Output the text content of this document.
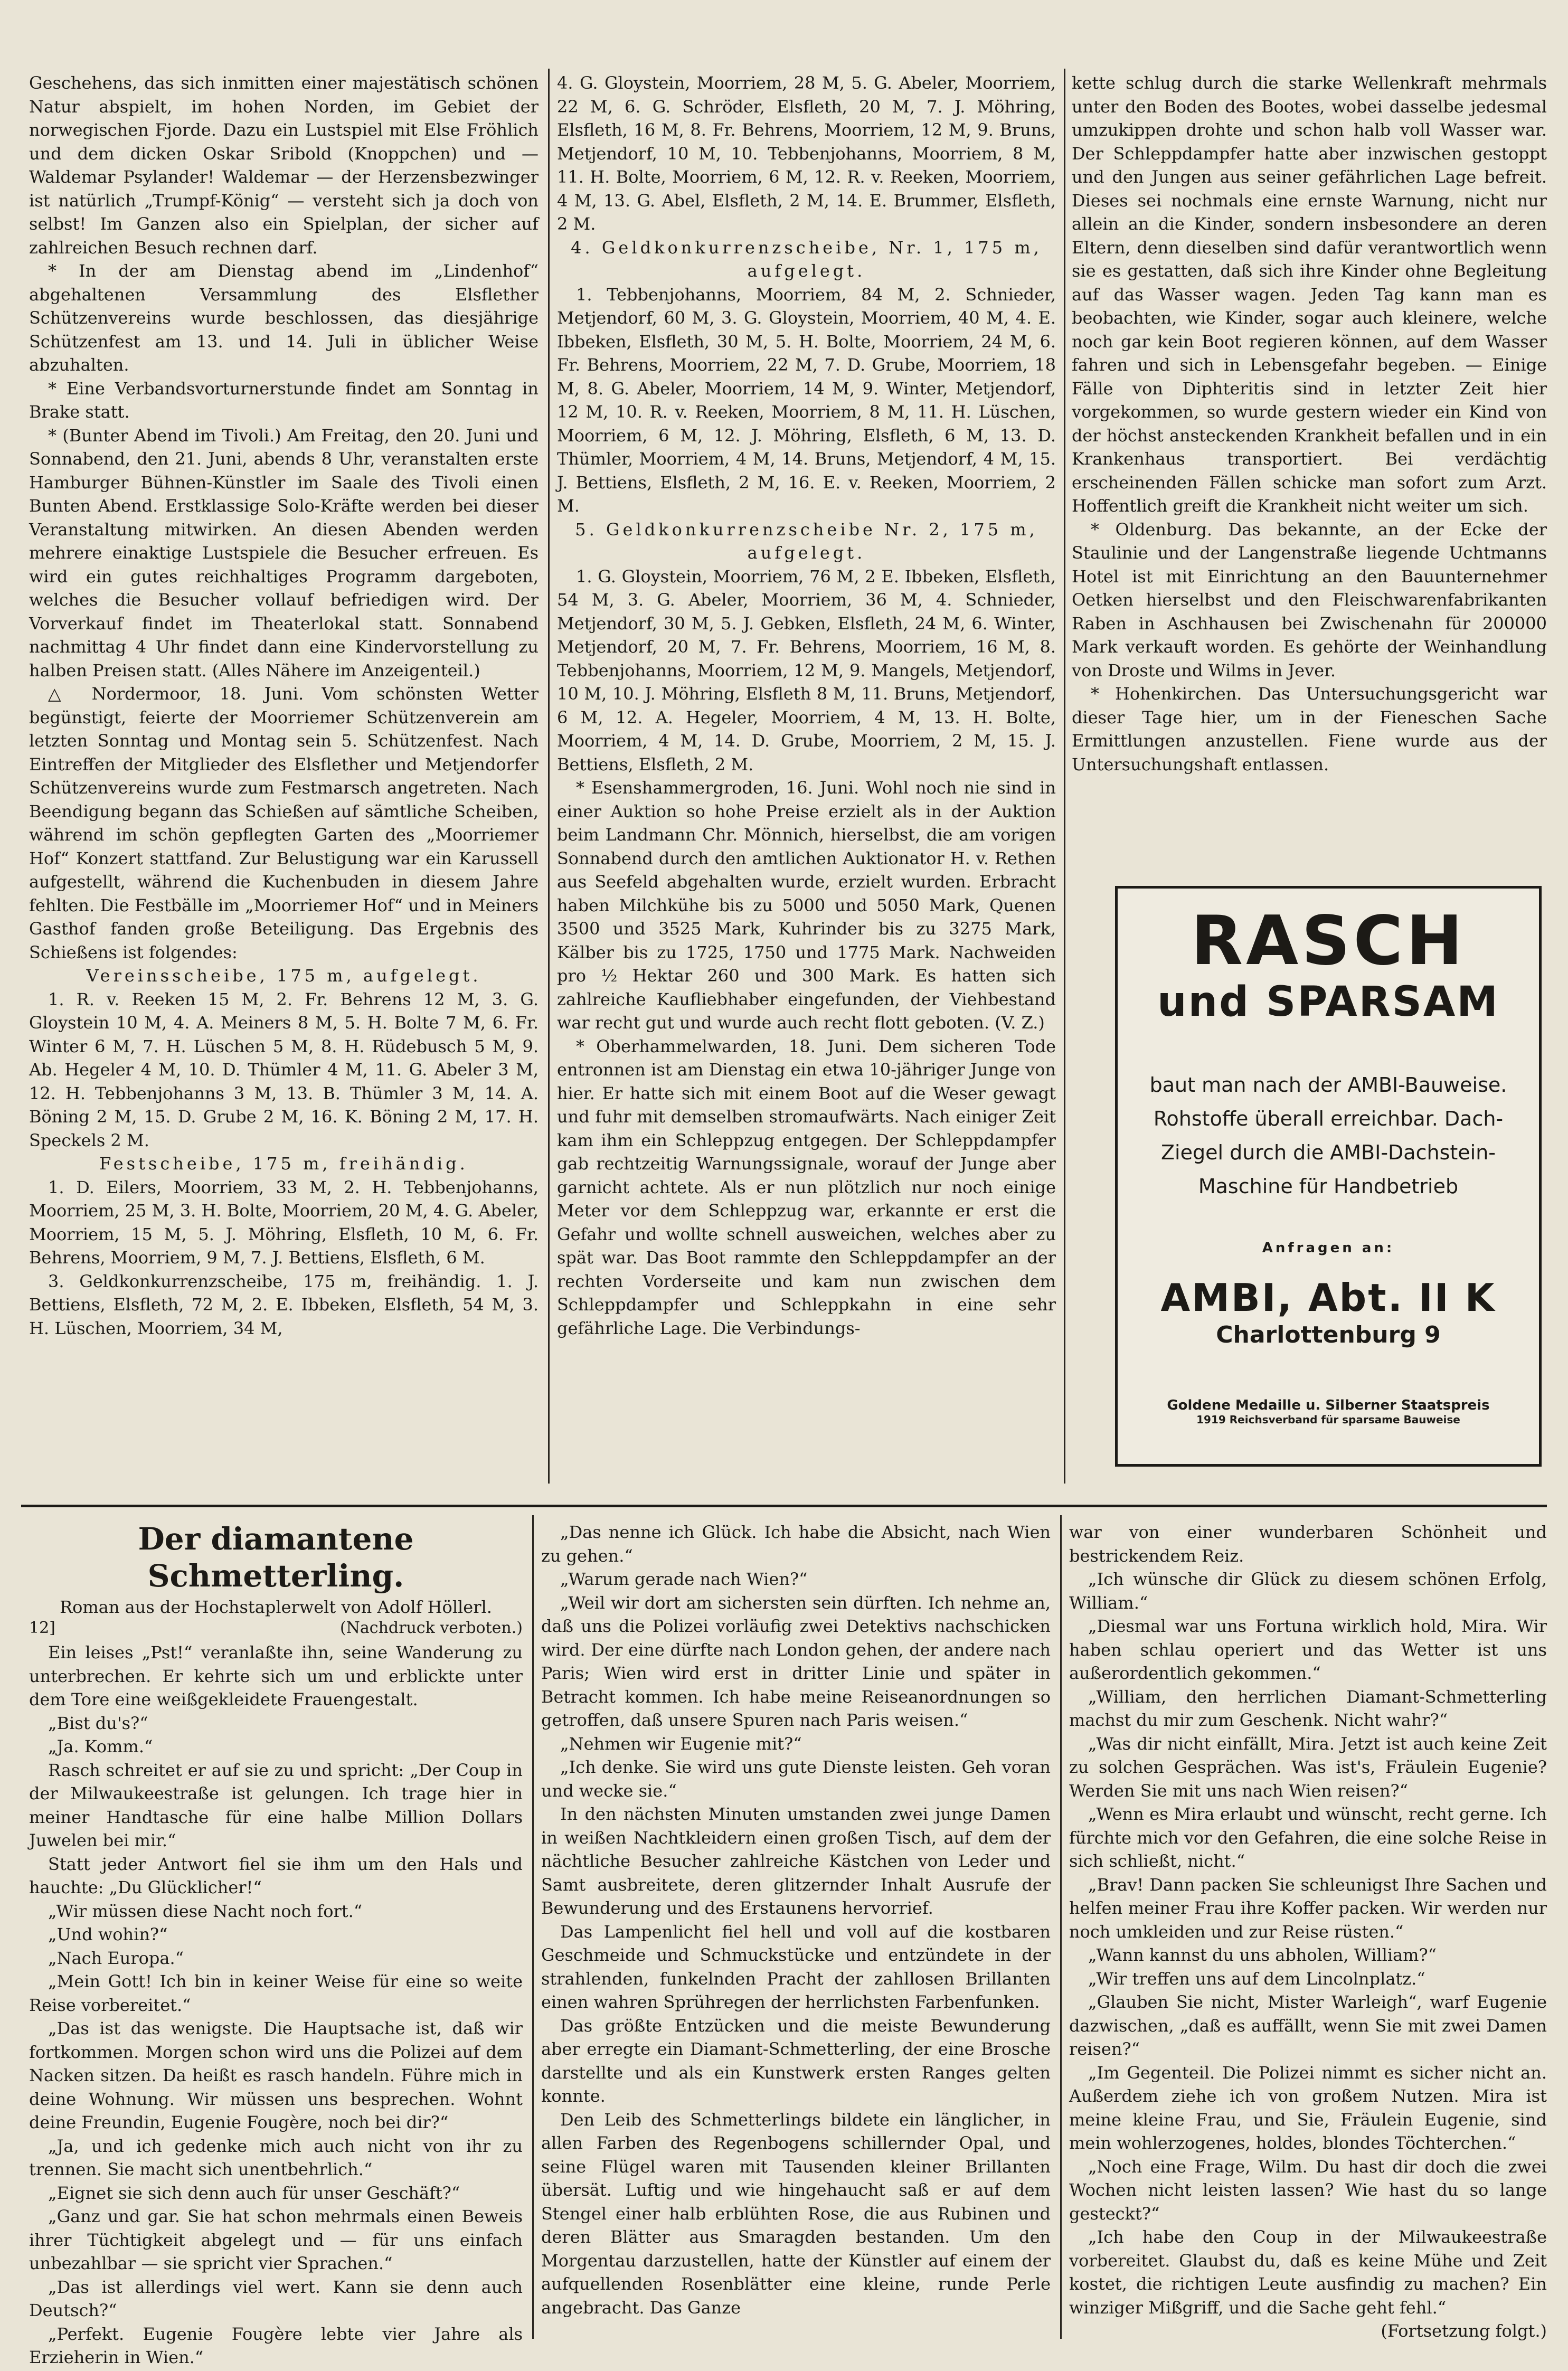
Geschehens, das sich inmitten einer majestätisch schönen Natur abspielt, im hohen Norden, im Gebiet der norwegischen Fjorde. Dazu ein Lustspiel mit Else Fröhlich und dem dicken Oskar Sribold (Knoppchen) und — Waldemar Psylander! Waldemar — der Herzensbezwinger ist natürlich „Trumpf-König“ — versteht sich ja doch von selbst! Im Ganzen also ein Spielplan, der sicher auf zahlreichen Besuch rechnen darf.

* In der am Dienstag abend im „Lindenhof“ abgehaltenen Versammlung des Elsflether Schützenvereins wurde beschlossen, das diesjährige Schützenfest am 13. und 14. Juli in üblicher Weise abzuhalten.

* Eine Verbandsvorturnerstunde findet am Sonntag in Brake statt.

* (Bunter Abend im Tivoli.) Am Freitag, den 20. Juni und Sonnabend, den 21. Juni, abends 8 Uhr, veranstalten erste Hamburger Bühnen-Künstler im Saale des Tivoli einen Bunten Abend. Erstklassige Solo-Kräfte werden bei dieser Veranstaltung mitwirken. An diesen Abenden werden mehrere einaktige Lustspiele die Besucher erfreuen. Es wird ein gutes reichhaltiges Programm dargeboten, welches die Besucher vollauf befriedigen wird. Der Vorverkauf findet im Theaterlokal statt. Sonnabend nachmittag 4 Uhr findet dann eine Kindervorstellung zu halben Preisen statt. (Alles Nähere im Anzeigenteil.)

△ Nordermoor, 18. Juni. Vom schönsten Wetter begünstigt, feierte der Moorriemer Schützenverein am letzten Sonntag und Montag sein 5. Schützenfest. Nach Eintreffen der Mitglieder des Elsflether und Metjendorfer Schützenvereins wurde zum Festmarsch angetreten. Nach Beendigung begann das Schießen auf sämtliche Scheiben, während im schön gepflegten Garten des „Moorriemer Hof“ Konzert stattfand. Zur Belustigung war ein Karussell aufgestellt, während die Kuchenbuden in diesem Jahre fehlten. Die Festbälle im „Moorriemer Hof“ und in Meiners Gasthof fanden große Beteiligung. Das Ergebnis des Schießens ist folgendes:

Vereinsscheibe, 175 m, aufgelegt.

1. R. v. Reeken 15 M, 2. Fr. Behrens 12 M, 3. G. Gloystein 10 M, 4. A. Meiners 8 M, 5. H. Bolte 7 M, 6. Fr. Winter 6 M, 7. H. Lüschen 5 M, 8. H. Rüdebusch 5 M, 9. Ab. Hegeler 4 M, 10. D. Thümler 4 M, 11. G. Abeler 3 M, 12. H. Tebbenjohanns 3 M, 13. B. Thümler 3 M, 14. A. Böning 2 M, 15. D. Grube 2 M, 16. K. Böning 2 M, 17. H. Speckels 2 M.

Festscheibe, 175 m, freihändig.

1. D. Eilers, Moorriem, 33 M, 2. H. Tebbenjohanns, Moorriem, 25 M, 3. H. Bolte, Moorriem, 20 M, 4. G. Abeler, Moorriem, 15 M, 5. J. Möhring, Elsfleth, 10 M, 6. Fr. Behrens, Moorriem, 9 M, 7. J. Bettiens, Elsfleth, 6 M.

3. Geldkonkurrenzscheibe, 175 m, freihändig. 1. J. Bettiens, Elsfleth, 72 M, 2. E. Ibbeken, Elsfleth, 54 M, 3. H. Lüschen, Moorriem, 34 M,

4. G. Gloystein, Moorriem, 28 M, 5. G. Abeler, Moorriem, 22 M, 6. G. Schröder, Elsfleth, 20 M, 7. J. Möhring, Elsfleth, 16 M, 8. Fr. Behrens, Moorriem, 12 M, 9. Bruns, Metjendorf, 10 M, 10. Tebbenjohanns, Moorriem, 8 M, 11. H. Bolte, Moorriem, 6 M, 12. R. v. Reeken, Moorriem, 4 M, 13. G. Abel, Elsfleth, 2 M, 14. E. Brummer, Elsfleth, 2 M.

4. Geldkonkurrenzscheibe, Nr. 1, 175 m, aufgelegt.

1. Tebbenjohanns, Moorriem, 84 M, 2. Schnieder, Metjendorf, 60 M, 3. G. Gloystein, Moorriem, 40 M, 4. E. Ibbeken, Elsfleth, 30 M, 5. H. Bolte, Moorriem, 24 M, 6. Fr. Behrens, Moorriem, 22 M, 7. D. Grube, Moorriem, 18 M, 8. G. Abeler, Moorriem, 14 M, 9. Winter, Metjendorf, 12 M, 10. R. v. Reeken, Moorriem, 8 M, 11. H. Lüschen, Moorriem, 6 M, 12. J. Möhring, Elsfleth, 6 M, 13. D. Thümler, Moorriem, 4 M, 14. Bruns, Metjendorf, 4 M, 15. J. Bettiens, Elsfleth, 2 M, 16. E. v. Reeken, Moorriem, 2 M.

5. Geldkonkurrenzscheibe Nr. 2, 175 m, aufgelegt.

1. G. Gloystein, Moorriem, 76 M, 2 E. Ibbeken, Elsfleth, 54 M, 3. G. Abeler, Moorriem, 36 M, 4. Schnieder, Metjendorf, 30 M, 5. J. Gebken, Elsfleth, 24 M, 6. Winter, Metjendorf, 20 M, 7. Fr. Behrens, Moorriem, 16 M, 8. Tebbenjohanns, Moorriem, 12 M, 9. Mangels, Metjendorf, 10 M, 10. J. Möhring, Elsfleth 8 M, 11. Bruns, Metjendorf, 6 M, 12. A. Hegeler, Moorriem, 4 M, 13. H. Bolte, Moorriem, 4 M, 14. D. Grube, Moorriem, 2 M, 15. J. Bettiens, Elsfleth, 2 M.

* Esenshammergroden, 16. Juni. Wohl noch nie sind in einer Auktion so hohe Preise erzielt als in der Auktion beim Landmann Chr. Mönnich, hierselbst, die am vorigen Sonnabend durch den amtlichen Auktionator H. v. Rethen aus Seefeld abgehalten wurde, erzielt wurden. Erbracht haben Milchkühe bis zu 5000 und 5050 Mark, Quenen 3500 und 3525 Mark, Kuhrinder bis zu 3275 Mark, Kälber bis zu 1725, 1750 und 1775 Mark. Nachweiden pro ½ Hektar 260 und 300 Mark. Es hatten sich zahlreiche Kaufliebhaber eingefunden, der Viehbestand war recht gut und wurde auch recht flott geboten. (V. Z.)

* Oberhammelwarden, 18. Juni. Dem sicheren Tode entronnen ist am Dienstag ein etwa 10-jähriger Junge von hier. Er hatte sich mit einem Boot auf die Weser gewagt und fuhr mit demselben stromaufwärts. Nach einiger Zeit kam ihm ein Schleppzug entgegen. Der Schleppdampfer gab rechtzeitig Warnungssignale, worauf der Junge aber garnicht achtete. Als er nun plötzlich nur noch einige Meter vor dem Schleppzug war, erkannte er erst die Gefahr und wollte schnell ausweichen, welches aber zu spät war. Das Boot rammte den Schleppdampfer an der rechten Vorderseite und kam nun zwischen dem Schleppdampfer und Schleppkahn in eine sehr gefährliche Lage. Die Verbindungs-

kette schlug durch die starke Wellenkraft mehrmals unter den Boden des Bootes, wobei dasselbe jedesmal umzukippen drohte und schon halb voll Wasser war. Der Schleppdampfer hatte aber inzwischen gestoppt und den Jungen aus seiner gefährlichen Lage befreit. Dieses sei nochmals eine ernste Warnung, nicht nur allein an die Kinder, sondern insbesondere an deren Eltern, denn dieselben sind dafür verantwortlich wenn sie es gestatten, daß sich ihre Kinder ohne Begleitung auf das Wasser wagen. Jeden Tag kann man es beobachten, wie Kinder, sogar auch kleinere, welche noch gar kein Boot regieren können, auf dem Wasser fahren und sich in Lebensgefahr begeben. — Einige Fälle von Diphteritis sind in letzter Zeit hier vorgekommen, so wurde gestern wieder ein Kind von der höchst ansteckenden Krankheit befallen und in ein Krankenhaus transportiert. Bei verdächtig erscheinenden Fällen schicke man sofort zum Arzt. Hoffentlich greift die Krankheit nicht weiter um sich.

* Oldenburg. Das bekannte, an der Ecke der Staulinie und der Langenstraße liegende Uchtmanns Hotel ist mit Einrichtung an den Bauunternehmer Oetken hierselbst und den Fleischwarenfabrikanten Raben in Aschhausen bei Zwischenahn für 200000 Mark verkauft worden. Es gehörte der Weinhandlung von Droste und Wilms in Jever.

* Hohenkirchen. Das Untersuchungsgericht war dieser Tage hier, um in der Fieneschen Sache Ermittlungen anzustellen. Fiene wurde aus der Untersuchungshaft entlassen.

RASCH
und SPARSAM
baut man nach der AMBI-Bauweise. Rohstoffe überall erreichbar. Dach-Ziegel durch die AMBI-Dachstein-Maschine für Handbetrieb
Anfragen an:
AMBI, Abt. II K
Charlottenburg 9
Goldene Medaille u. Silberner Staatspreis
1919 Reichsverband für sparsame Bauweise
Der diamantene Schmetterling.
Roman aus der Hochstaplerwelt von Adolf Höllerl.
12]	(Nachdruck verboten.)

Ein leises „Pst!“ veranlaßte ihn, seine Wanderung zu unterbrechen. Er kehrte sich um und erblickte unter dem Tore eine weißgekleidete Frauengestalt.

„Bist du's?“

„Ja. Komm.“

Rasch schreitet er auf sie zu und spricht: „Der Coup in der Milwaukeestraße ist gelungen. Ich trage hier in meiner Handtasche für eine halbe Million Dollars Juwelen bei mir.“

Statt jeder Antwort fiel sie ihm um den Hals und hauchte: „Du Glücklicher!“

„Wir müssen diese Nacht noch fort.“

„Und wohin?“

„Nach Europa.“

„Mein Gott! Ich bin in keiner Weise für eine so weite Reise vorbereitet.“

„Das ist das wenigste. Die Hauptsache ist, daß wir fortkommen. Morgen schon wird uns die Polizei auf dem Nacken sitzen. Da heißt es rasch handeln. Führe mich in deine Wohnung. Wir müssen uns besprechen. Wohnt deine Freundin, Eugenie Fougère, noch bei dir?“

„Ja, und ich gedenke mich auch nicht von ihr zu trennen. Sie macht sich unentbehrlich.“

„Eignet sie sich denn auch für unser Geschäft?“

„Ganz und gar. Sie hat schon mehrmals einen Beweis ihrer Tüchtigkeit abgelegt und — für uns einfach unbezahlbar — sie spricht vier Sprachen.“

„Das ist allerdings viel wert. Kann sie denn auch Deutsch?“

„Perfekt. Eugenie Fougère lebte vier Jahre als Erzieherin in Wien.“

„Das nenne ich Glück. Ich habe die Absicht, nach Wien zu gehen.“

„Warum gerade nach Wien?“

„Weil wir dort am sichersten sein dürften. Ich nehme an, daß uns die Polizei vorläufig zwei Detektivs nachschicken wird. Der eine dürfte nach London gehen, der andere nach Paris; Wien wird erst in dritter Linie und später in Betracht kommen. Ich habe meine Reiseanordnungen so getroffen, daß unsere Spuren nach Paris weisen.“

„Nehmen wir Eugenie mit?“

„Ich denke. Sie wird uns gute Dienste leisten. Geh voran und wecke sie.“

In den nächsten Minuten umstanden zwei junge Damen in weißen Nachtkleidern einen großen Tisch, auf dem der nächtliche Besucher zahlreiche Kästchen von Leder und Samt ausbreitete, deren glitzernder Inhalt Ausrufe der Bewunderung und des Erstaunens hervorrief.

Das Lampenlicht fiel hell und voll auf die kostbaren Geschmeide und Schmuckstücke und entzündete in der strahlenden, funkelnden Pracht der zahllosen Brillanten einen wahren Sprühregen der herrlichsten Farbenfunken.

Das größte Entzücken und die meiste Bewunderung aber erregte ein Diamant-Schmetterling, der eine Brosche darstellte und als ein Kunstwerk ersten Ranges gelten konnte.

Den Leib des Schmetterlings bildete ein länglicher, in allen Farben des Regenbogens schillernder Opal, und seine Flügel waren mit Tausenden kleiner Brillanten übersät. Luftig und wie hingehaucht saß er auf dem Stengel einer halb erblühten Rose, die aus Rubinen und deren Blätter aus Smaragden bestanden. Um den Morgentau darzustellen, hatte der Künstler auf einem der aufquellenden Rosenblätter eine kleine, runde Perle angebracht. Das Ganze

war von einer wunderbaren Schönheit und bestrickendem Reiz.

„Ich wünsche dir Glück zu diesem schönen Erfolg, William.“

„Diesmal war uns Fortuna wirklich hold, Mira. Wir haben schlau operiert und das Wetter ist uns außerordentlich gekommen.“

„William, den herrlichen Diamant-Schmetterling machst du mir zum Geschenk. Nicht wahr?“

„Was dir nicht einfällt, Mira. Jetzt ist auch keine Zeit zu solchen Gesprächen. Was ist's, Fräulein Eugenie? Werden Sie mit uns nach Wien reisen?“

„Wenn es Mira erlaubt und wünscht, recht gerne. Ich fürchte mich vor den Gefahren, die eine solche Reise in sich schließt, nicht.“

„Brav! Dann packen Sie schleunigst Ihre Sachen und helfen meiner Frau ihre Koffer packen. Wir werden nur noch umkleiden und zur Reise rüsten.“

„Wann kannst du uns abholen, William?“

„Wir treffen uns auf dem Lincolnplatz.“

„Glauben Sie nicht, Mister Warleigh“, warf Eugenie dazwischen, „daß es auffällt, wenn Sie mit zwei Damen reisen?“

„Im Gegenteil. Die Polizei nimmt es sicher nicht an. Außerdem ziehe ich von großem Nutzen. Mira ist meine kleine Frau, und Sie, Fräulein Eugenie, sind mein wohlerzogenes, holdes, blondes Töchterchen.“

„Noch eine Frage, Wilm. Du hast dir doch die zwei Wochen nicht leisten lassen? Wie hast du so lange gesteckt?“

„Ich habe den Coup in der Milwaukeestraße vorbereitet. Glaubst du, daß es keine Mühe und Zeit kostet, die richtigen Leute ausfindig zu machen? Ein winziger Mißgriff, und die Sache geht fehl.“

(Fortsetzung folgt.)
